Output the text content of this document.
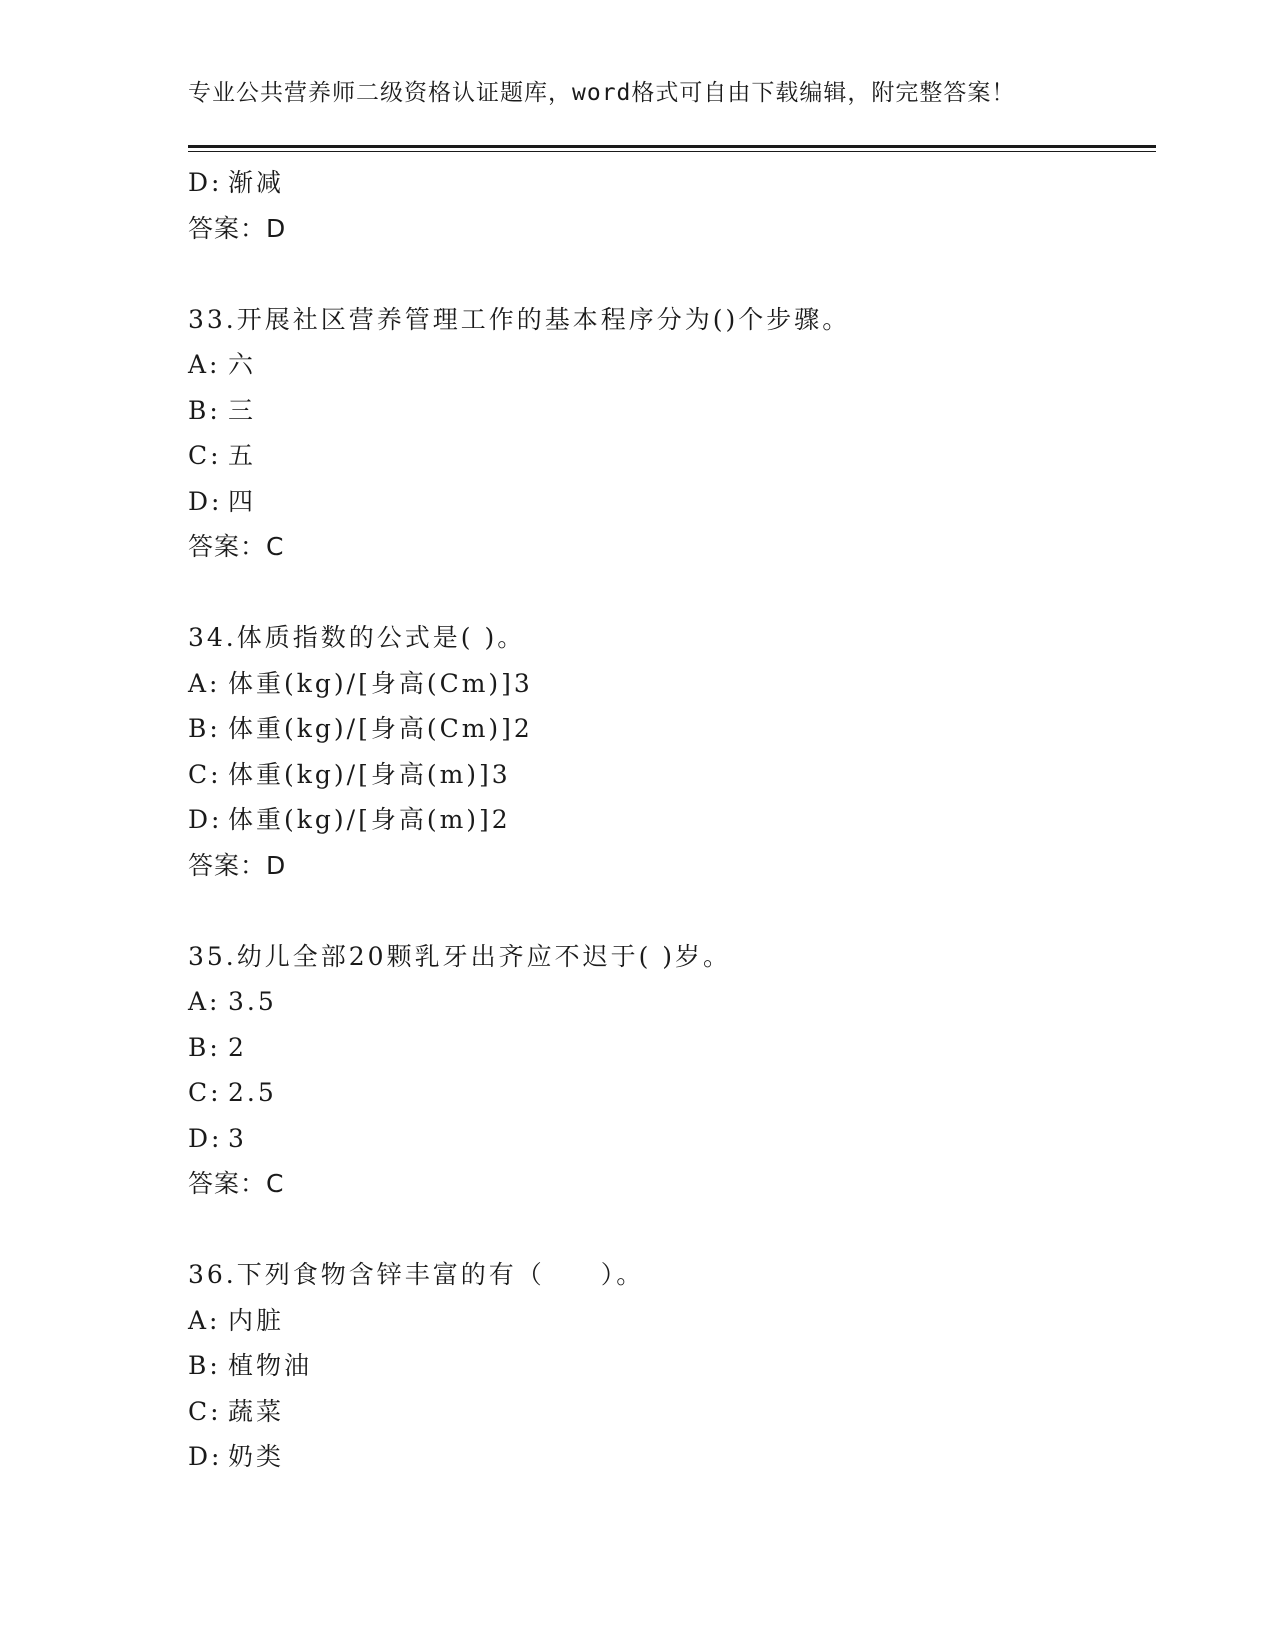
专业公共营养师二级资格认证题库，word格式可自由下载编辑，附完整答案！
D: 渐减
答案：D
33.开展社区营养管理工作的基本程序分为()个步骤。
A: 六
B: 三
C: 五
D: 四
答案：C
34.体质指数的公式是( )。
A: 体重(kg)/[身高(Cm)]3
B: 体重(kg)/[身高(Cm)]2
C: 体重(kg)/[身高(m)]3
D: 体重(kg)/[身高(m)]2
答案：D
35.幼儿全部20颗乳牙出齐应不迟于( )岁。
A: 3.5
B: 2
C: 2.5
D: 3
答案：C
36.下列食物含锌丰富的有（　　）。
A: 内脏
B: 植物油
C: 蔬菜
D: 奶类
